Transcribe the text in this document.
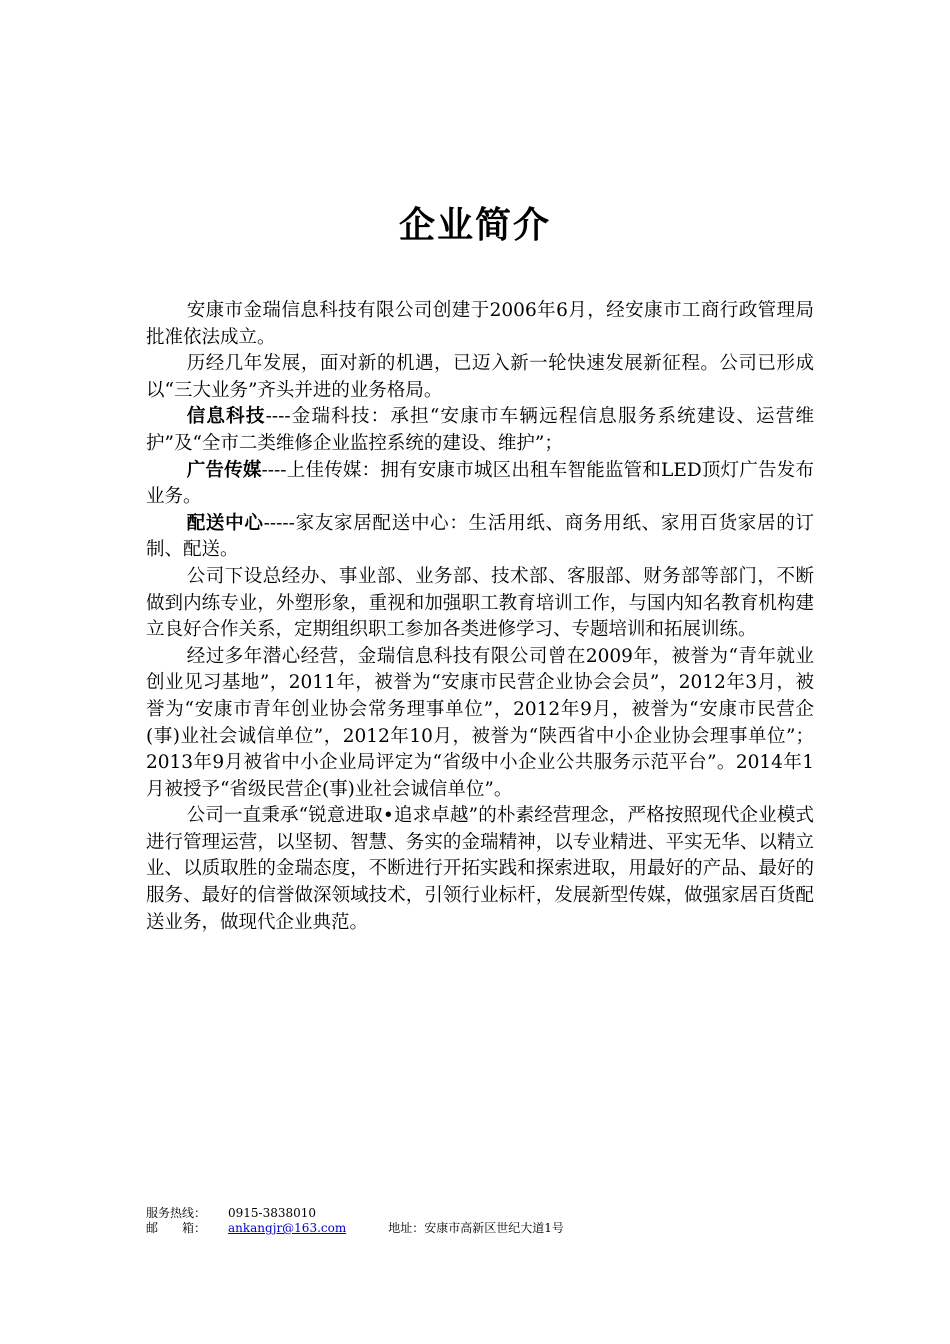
企业简介

安康市金瑞信息科技有限公司创建于2006年6月，经安康市工商行政管理局批准依法成立。

历经几年发展，面对新的机遇，已迈入新一轮快速发展新征程。公司已形成以“三大业务”齐头并进的业务格局。

信息科技----金瑞科技：承担“安康市车辆远程信息服务系统建设、运营维护”及“全市二类维修企业监控系统的建设、维护”；

广告传媒----上佳传媒：拥有安康市城区出租车智能监管和LED顶灯广告发布业务。

配送中心-----家友家居配送中心：生活用纸、商务用纸、家用百货家居的订制、配送。

公司下设总经办、事业部、业务部、技术部、客服部、财务部等部门，不断做到内练专业，外塑形象，重视和加强职工教育培训工作，与国内知名教育机构建立良好合作关系，定期组织职工参加各类进修学习、专题培训和拓展训练。

经过多年潜心经营，金瑞信息科技有限公司曾在2009年，被誉为“青年就业创业见习基地”，2011年，被誉为“安康市民营企业协会会员”，2012年3月，被誉为“安康市青年创业协会常务理事单位”，2012年9月，被誉为“安康市民营企(事)业社会诚信单位”，2012年10月，被誉为“陕西省中小企业协会理事单位”；2013年9月被省中小企业局评定为“省级中小企业公共服务示范平台”。2014年1月被授予“省级民营企(事)业社会诚信单位”。

公司一直秉承“锐意进取•追求卓越”的朴素经营理念，严格按照现代企业模式进行管理运营，以坚韧、智慧、务实的金瑞精神，以专业精进、平实无华、以精立业、以质取胜的金瑞态度，不断进行开拓实践和探索进取，用最好的产品、最好的服务、最好的信誉做深领域技术，引领行业标杆，发展新型传媒，做强家居百货配送业务，做现代企业典范。

服务热线： 0915-3838010
邮　　箱： ankangjr@163.com	地址：安康市高新区世纪大道1号
